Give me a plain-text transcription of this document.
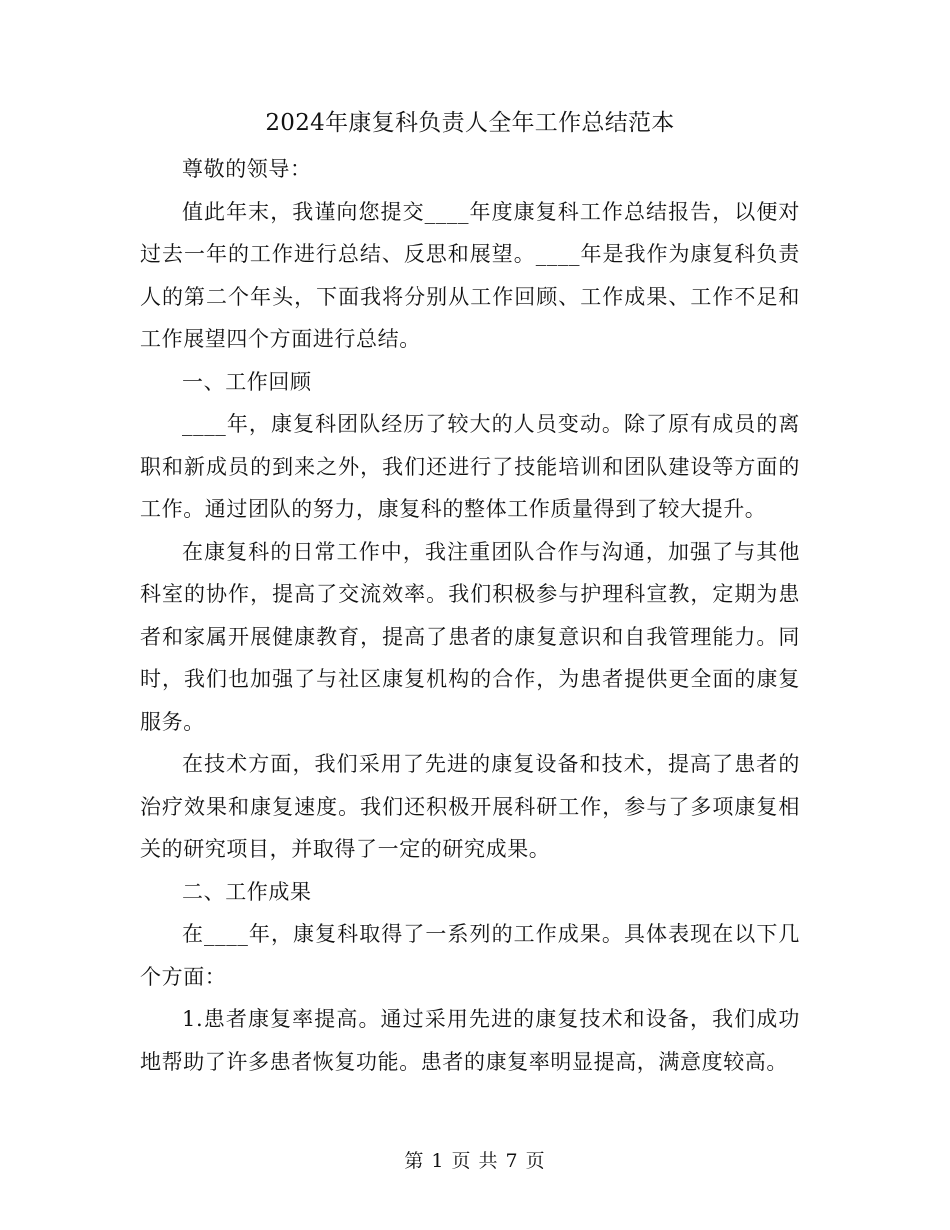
2024年康复科负责人全年工作总结范本

尊敬的领导：

值此年末，我谨向您提交____年度康复科工作总结报告，以便对过去一年的工作进行总结、反思和展望。____年是我作为康复科负责人的第二个年头，下面我将分别从工作回顾、工作成果、工作不足和工作展望四个方面进行总结。

一、工作回顾

____年，康复科团队经历了较大的人员变动。除了原有成员的离职和新成员的到来之外，我们还进行了技能培训和团队建设等方面的工作。通过团队的努力，康复科的整体工作质量得到了较大提升。

在康复科的日常工作中，我注重团队合作与沟通，加强了与其他科室的协作，提高了交流效率。我们积极参与护理科宣教，定期为患者和家属开展健康教育，提高了患者的康复意识和自我管理能力。同时，我们也加强了与社区康复机构的合作，为患者提供更全面的康复服务。

在技术方面，我们采用了先进的康复设备和技术，提高了患者的治疗效果和康复速度。我们还积极开展科研工作，参与了多项康复相关的研究项目，并取得了一定的研究成果。

二、工作成果

在____年，康复科取得了一系列的工作成果。具体表现在以下几个方面：

1.患者康复率提高。通过采用先进的康复技术和设备，我们成功地帮助了许多患者恢复功能。患者的康复率明显提高，满意度较高。

第 1 页 共 7 页
